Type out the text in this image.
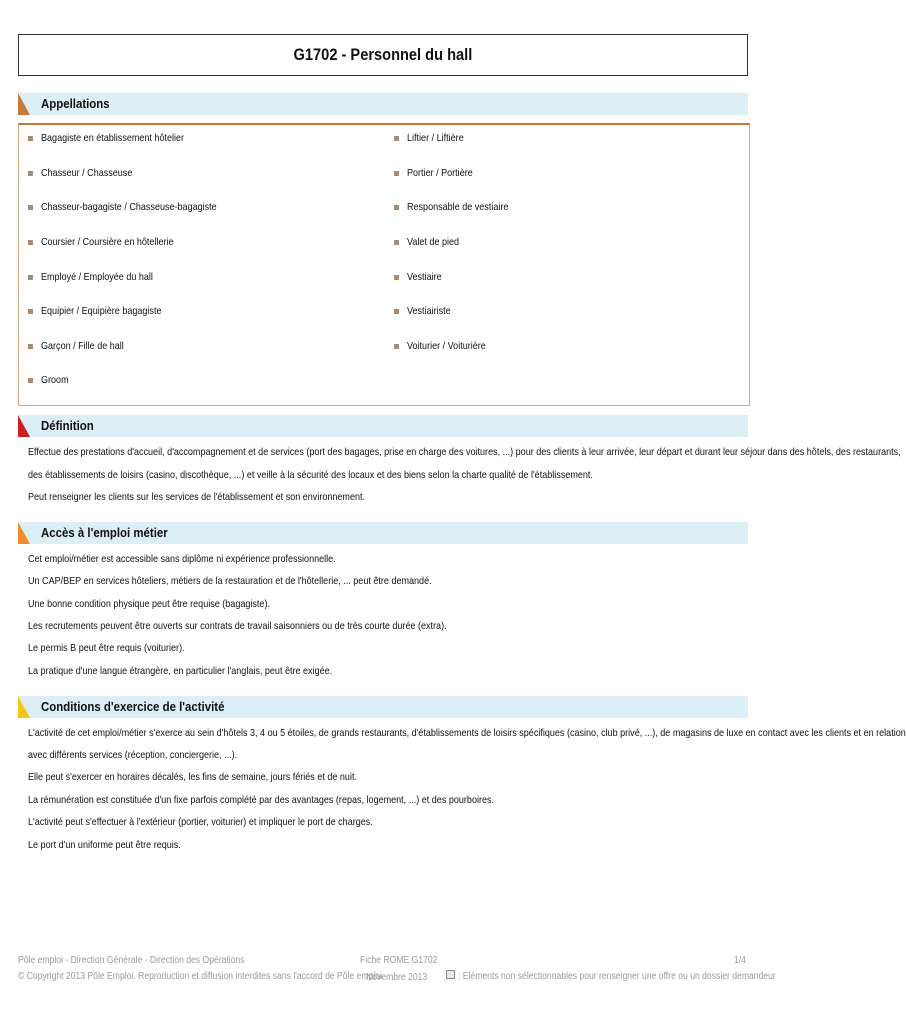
G1702 - Personnel du hall
Appellations
Bagagiste en établissement hôtelier
Chasseur / Chasseuse
Chasseur-bagagiste / Chasseuse-bagagiste
Coursier / Coursière en hôtellerie
Employé / Employée du hall
Equipier / Equipière bagagiste
Garçon / Fille de hall
Groom
Liftier / Liftière
Portier / Portière
Responsable de vestiaire
Valet de pied
Vestiaire
Vestiairiste
Voiturier / Voiturière
Définition
Effectue des prestations d'accueil, d'accompagnement et de services (port des bagages, prise en charge des voitures, ...) pour des clients à leur arrivée, leur départ et durant leur séjour dans des hôtels, des restaurants,
des établissements de loisirs (casino, discothèque, ...) et veille à la sécurité des locaux et des biens selon la charte qualité de l'établissement.
Peut renseigner les clients sur les services de l'établissement et son environnement.
Accès à l'emploi métier
Cet emploi/métier est accessible sans diplôme ni expérience professionnelle.
Un CAP/BEP en services hôteliers, métiers de la restauration et de l'hôtellerie, ... peut être demandé.
Une bonne condition physique peut être requise (bagagiste).
Les recrutements peuvent être ouverts sur contrats de travail saisonniers ou de très courte durée (extra).
Le permis B peut être requis (voiturier).
La pratique d'une langue étrangère, en particulier l'anglais, peut être exigée.
Conditions d'exercice de l'activité
L'activité de cet emploi/métier s'exerce au sein d'hôtels 3, 4 ou 5 étoiles, de grands restaurants, d'établissements de loisirs spécifiques (casino, club privé, ...), de magasins de luxe en contact avec les clients et en relation
avec différents services (réception, conciergerie, ...).
Elle peut s'exercer en horaires décalés, les fins de semaine, jours fériés et de nuit.
La rémunération est constituée d'un fixe parfois complété par des avantages (repas, logement, ...) et des pourboires.
L'activité peut s'effectuer à l'extérieur (portier, voiturier) et impliquer le port de charges.
Le port d'un uniforme peut être requis.
Pôle emploi - Direction Générale - Direction des Opérations
© Copyright 2013 Pôle Emploi. Reproduction et diffusion interdites sans l'accord de Pôle emploi
Fiche ROME G1702
Novembre 2013
1/4
: Eléments non sélectionnables pour renseigner une offre ou un dossier demandeur
